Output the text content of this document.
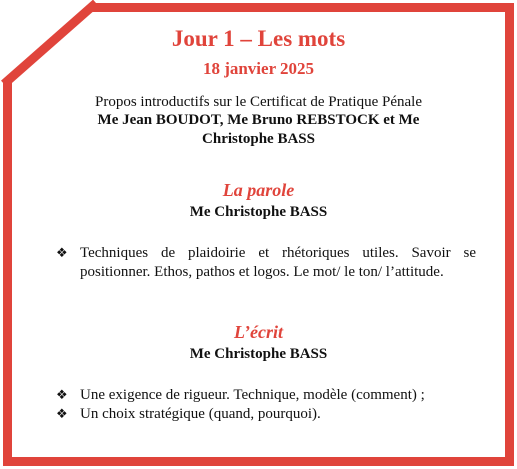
Jour 1 – Les mots
18 janvier 2025
Propos introductifs sur le Certificat de Pratique Pénale
Me Jean BOUDOT, Me Bruno REBSTOCK et Me
Christophe BASS
La parole
Me Christophe BASS
❖ Techniques de plaidoirie et rhétoriques utiles. Savoir se positionner. Ethos, pathos et logos. Le mot/ le ton/ l’attitude.
L’écrit
Me Christophe BASS
❖ Une exigence de rigueur. Technique, modèle (comment) ;
❖ Un choix stratégique (quand, pourquoi).
